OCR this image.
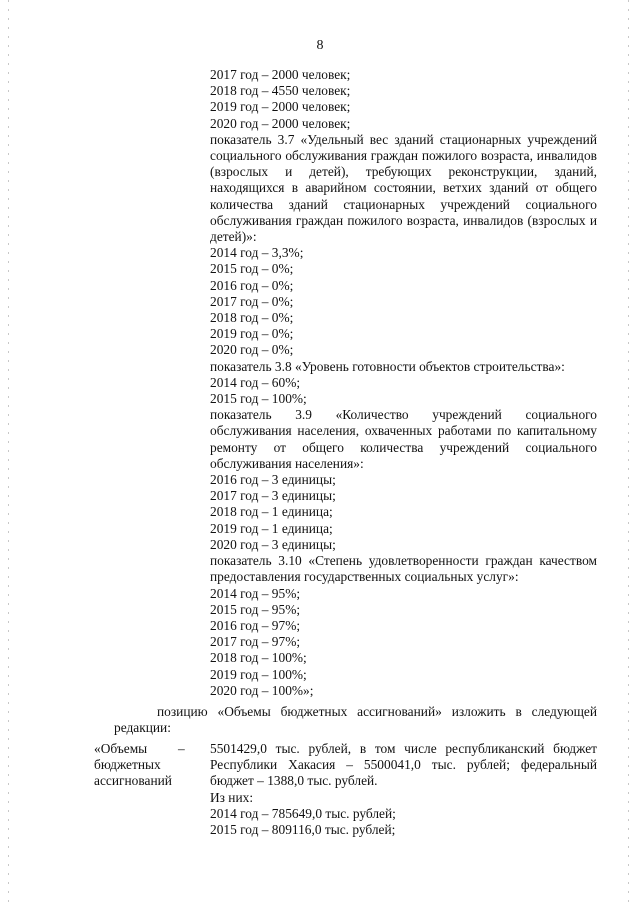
8
2017 год – 2000 человек;
2018 год – 4550 человек;
2019 год – 2000 человек;
2020 год – 2000 человек;
показатель 3.7 «Удельный вес зданий стационарных учреждений социального обслуживания граждан пожилого возраста, инвалидов (взрослых и детей), требующих реконструкции, зданий, находящихся в аварийном состоянии, ветхих зданий от общего количества зданий стационарных учреждений социального обслуживания граждан пожилого возраста, инвалидов (взрослых и детей)»:
2014 год – 3,3%;
2015 год – 0%;
2016 год – 0%;
2017 год – 0%;
2018 год – 0%;
2019 год – 0%;
2020 год – 0%;
показатель 3.8 «Уровень готовности объектов строительства»:
2014 год – 60%;
2015 год – 100%;
показатель 3.9 «Количество учреждений социального обслуживания населения, охваченных работами по капитальному ремонту от общего количества учреждений социального обслуживания населения»:
2016 год – 3 единицы;
2017 год – 3 единицы;
2018 год – 1 единица;
2019 год – 1 единица;
2020 год – 3 единицы;
показатель 3.10 «Степень удовлетворенности граждан качеством предоставления государственных социальных услуг»:
2014 год – 95%;
2015 год – 95%;
2016 год – 97%;
2017 год – 97%;
2018 год – 100%;
2019 год – 100%;
2020 год – 100%»;
позицию «Объемы бюджетных ассигнований» изложить в следующей редакции:
«Объемы
бюджетных
ассигнований
–	5501429,0 тыс. рублей, в том числе республиканский бюджет Республики Хакасия – 5500041,0 тыс. рублей; федеральный бюджет – 1388,0 тыс. рублей.
Из них:
2014 год – 785649,0 тыс. рублей;
2015 год – 809116,0 тыс. рублей;
